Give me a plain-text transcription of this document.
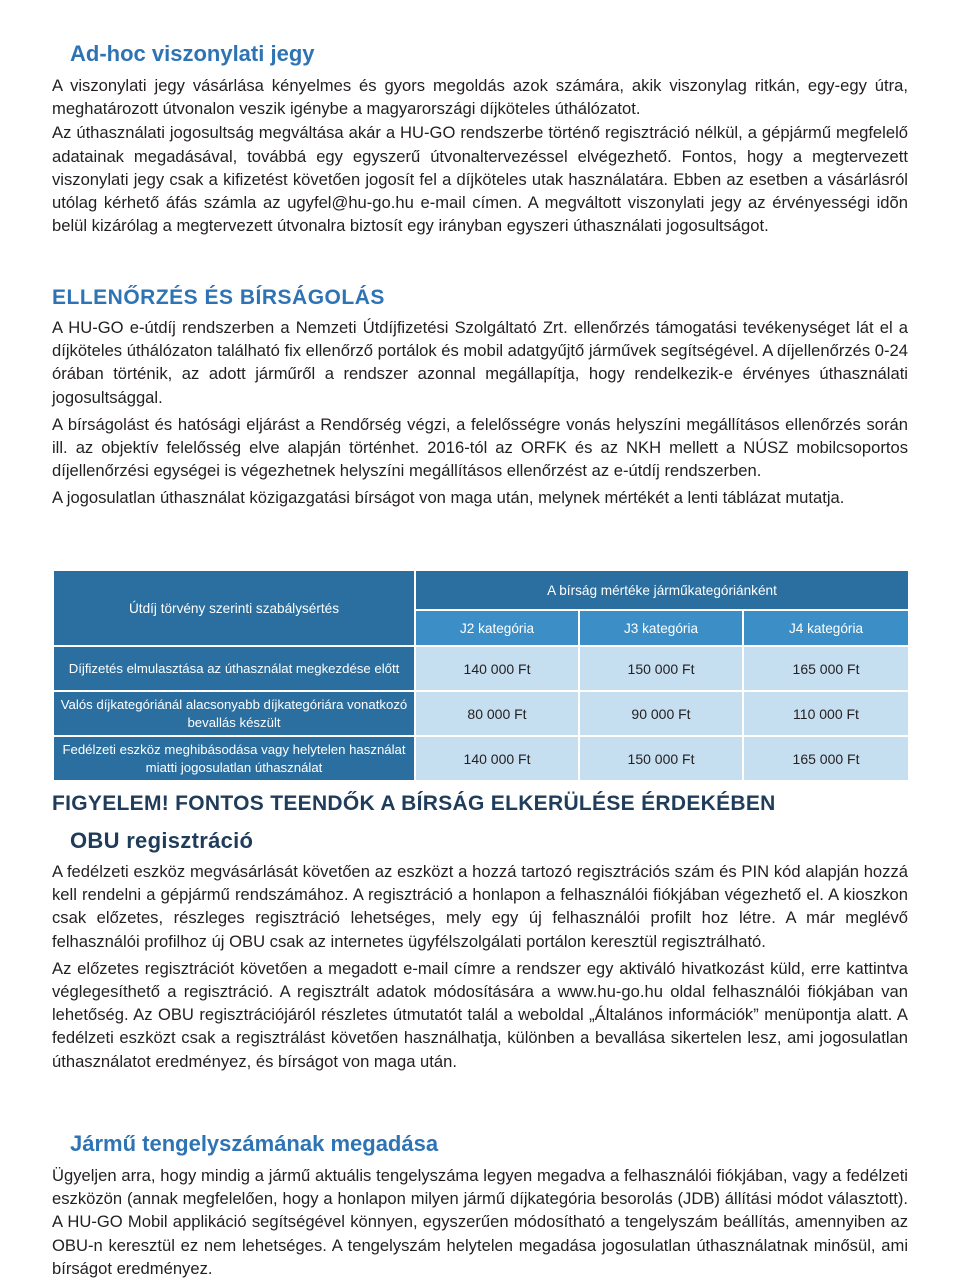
Ad-hoc viszonylati jegy

A viszonylati jegy vásárlása kényelmes és gyors megoldás azok számára, akik viszonylag ritkán, egy-egy útra, meghatározott útvonalon veszik igénybe a magyarországi díjköteles úthálózatot.

Az úthasználati jogosultság megváltása akár a HU-GO rendszerbe történő regisztráció nélkül, a gépjármű megfelelő adatainak megadásával, továbbá egy egyszerű útvonaltervezéssel elvégezhető. Fontos, hogy a megtervezett viszonylati jegy csak a kifizetést követően jogosít fel a díjköteles utak használatára. Ebben az esetben a vásárlásról utólag kérhető áfás számla az ugyfel@hu-go.hu e-mail címen. A megváltott viszonylati jegy az érvényességi idõn belül kizárólag a megtervezett útvonalra biztosít egy irányban egyszeri úthasználati jogosultságot.

ELLENŐRZÉS ÉS BÍRSÁGOLÁS

A HU-GO e-útdíj rendszerben a Nemzeti Útdíjfizetési Szolgáltató Zrt. ellenőrzés támogatási tevékenységet lát el a díjköteles úthálózaton található fix ellenőrző portálok és mobil adatgyűjtő járművek segítségével. A díjellenőrzés 0-24 órában történik, az adott járműről a rendszer azonnal megállapítja, hogy rendelkezik-e érvényes úthasználati jogosultsággal.

A bírságolást és hatósági eljárást a Rendőrség végzi, a felelősségre vonás helyszíni megállításos ellenőrzés során ill. az objektív felelősség elve alapján történhet. 2016-tól az ORFK és az NKH mellett a NÚSZ mobilcsoportos díjellenőrzési egységei is végezhetnek helyszíni megállításos ellenőrzést az e-útdíj rendszerben.

A jogosulatlan úthasználat közigazgatási bírságot von maga után, melynek mértékét a lenti táblázat mutatja.

Útdíj törvény szerinti szabálysértés	A bírság mértéke járműkategóriánként		
	J2 kategória	J3 kategória	J4 kategória
Díjfizetés elmulasztása az úthasználat megkezdése előtt	140 000 Ft	150 000 Ft	165 000 Ft
Valós díjkategóriánál alacsonyabb díjkategóriára vonatkozó bevallás készült	80 000 Ft	90 000 Ft	110 000 Ft
Fedélzeti eszköz meghibásodása vagy helytelen használat miatti jogosulatlan úthasználat	140 000 Ft	150 000 Ft	165 000 Ft
FIGYELEM! FONTOS TEENDŐK A BÍRSÁG ELKERÜLÉSE ÉRDEKÉBEN
OBU regisztráció

A fedélzeti eszköz megvásárlását követően az eszközt a hozzá tartozó regisztrációs szám és PIN kód alapján hozzá kell rendelni a gépjármű rendszámához. A regisztráció a honlapon a felhasználói fiókjában végezhető el. A kioszkon csak előzetes, részleges regisztráció lehetséges, mely egy új felhasználói profilt hoz létre. A már meglévő felhasználói profilhoz új OBU csak az internetes ügyfélszolgálati portálon keresztül regisztrálható.

Az előzetes regisztrációt követően a megadott e-mail címre a rendszer egy aktiváló hivatkozást küld, erre kattintva véglegesíthető a regisztráció. A regisztrált adatok módosítására a www.hu-go.hu oldal felhasználói fiókjában van lehetőség. Az OBU regisztrációjáról részletes útmutatót talál a weboldal „Általános információk” menüpontja alatt. A fedélzeti eszközt csak a regisztrálást követően használhatja, különben a bevallása sikertelen lesz, ami jogosulatlan úthasználatot eredményez, és bírságot von maga után.

Jármű tengelyszámának megadása

Ügyeljen arra, hogy mindig a jármű aktuális tengelyszáma legyen megadva a felhasználói fiókjában, vagy a fedélzeti eszközön (annak megfelelően, hogy a honlapon milyen jármű díjkategória besorolás (JDB) állítási módot választott). A HU-GO Mobil applikáció segítségével könnyen, egyszerűen módosítható a tengelyszám beállítás, amennyiben az OBU-n keresztül ez nem lehetséges. A tengelyszám helytelen megadása jogosulatlan úthasználatnak minősül, ami bírságot eredményez.
